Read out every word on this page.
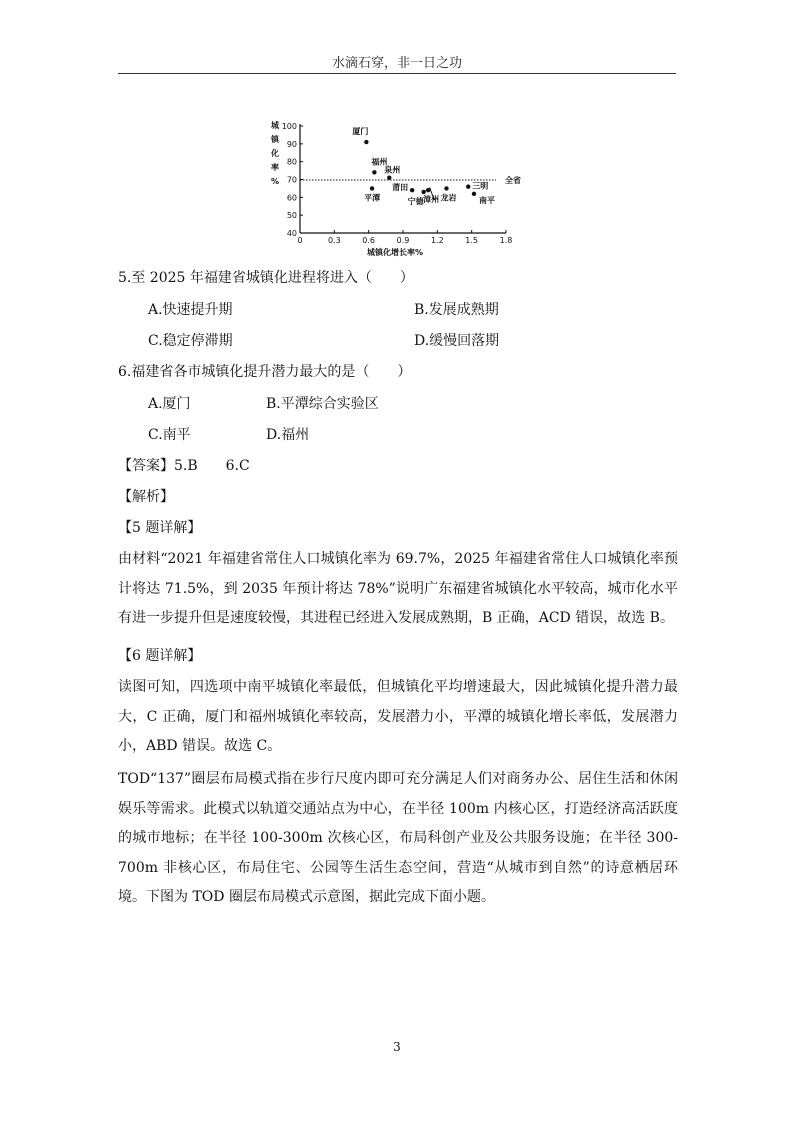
水滴石穿，非一日之功
40
50
60
70
80
90
100
0	0.3	0.6	0.9	1.2	1.5	1.8
城镇化率%
城镇化增长率%
全省
厦门
福州
泉州
平潭
莆田
宁德 漳州 龙岩
三明
南平
5.至 2025 年福建省城镇化进程将进入（　　）
A.快速提升期	B.发展成熟期
C.稳定停滞期	D.缓慢回落期
6.福建省各市城镇化提升潜力最大的是（　　）
A.厦门	B.平潭综合实验区
C.南平	D.福州
【答案】5.B 6.C
【解析】
【5 题详解】
由材料“2021 年福建省常住人口城镇化率为 69.7%，2025 年福建省常住人口城镇化率预计将达 71.5%，到 2035 年预计将达 78%”说明广东福建省城镇化水平较高，城市化水平有进一步提升但是速度较慢，其进程已经进入发展成熟期，B 正确，ACD 错误，故选 B。
【6 题详解】
读图可知，四选项中南平城镇化率最低，但城镇化平均增速最大，因此城镇化提升潜力最大，C 正确，厦门和福州城镇化率较高，发展潜力小，平潭的城镇化增长率低，发展潜力小，ABD 错误。故选 C。
TOD“137”圈层布局模式指在步行尺度内即可充分满足人们对商务办公、居住生活和休闲娱乐等需求。此模式以轨道交通站点为中心，在半径 100m 内核心区，打造经济高活跃度的城市地标；在半径 100-300m 次核心区，布局科创产业及公共服务设施；在半径 300-700m 非核心区，布局住宅、公园等生活生态空间，营造“从城市到自然”的诗意栖居环境。下图为 TOD 圈层布局模式示意图，据此完成下面小题。
3
